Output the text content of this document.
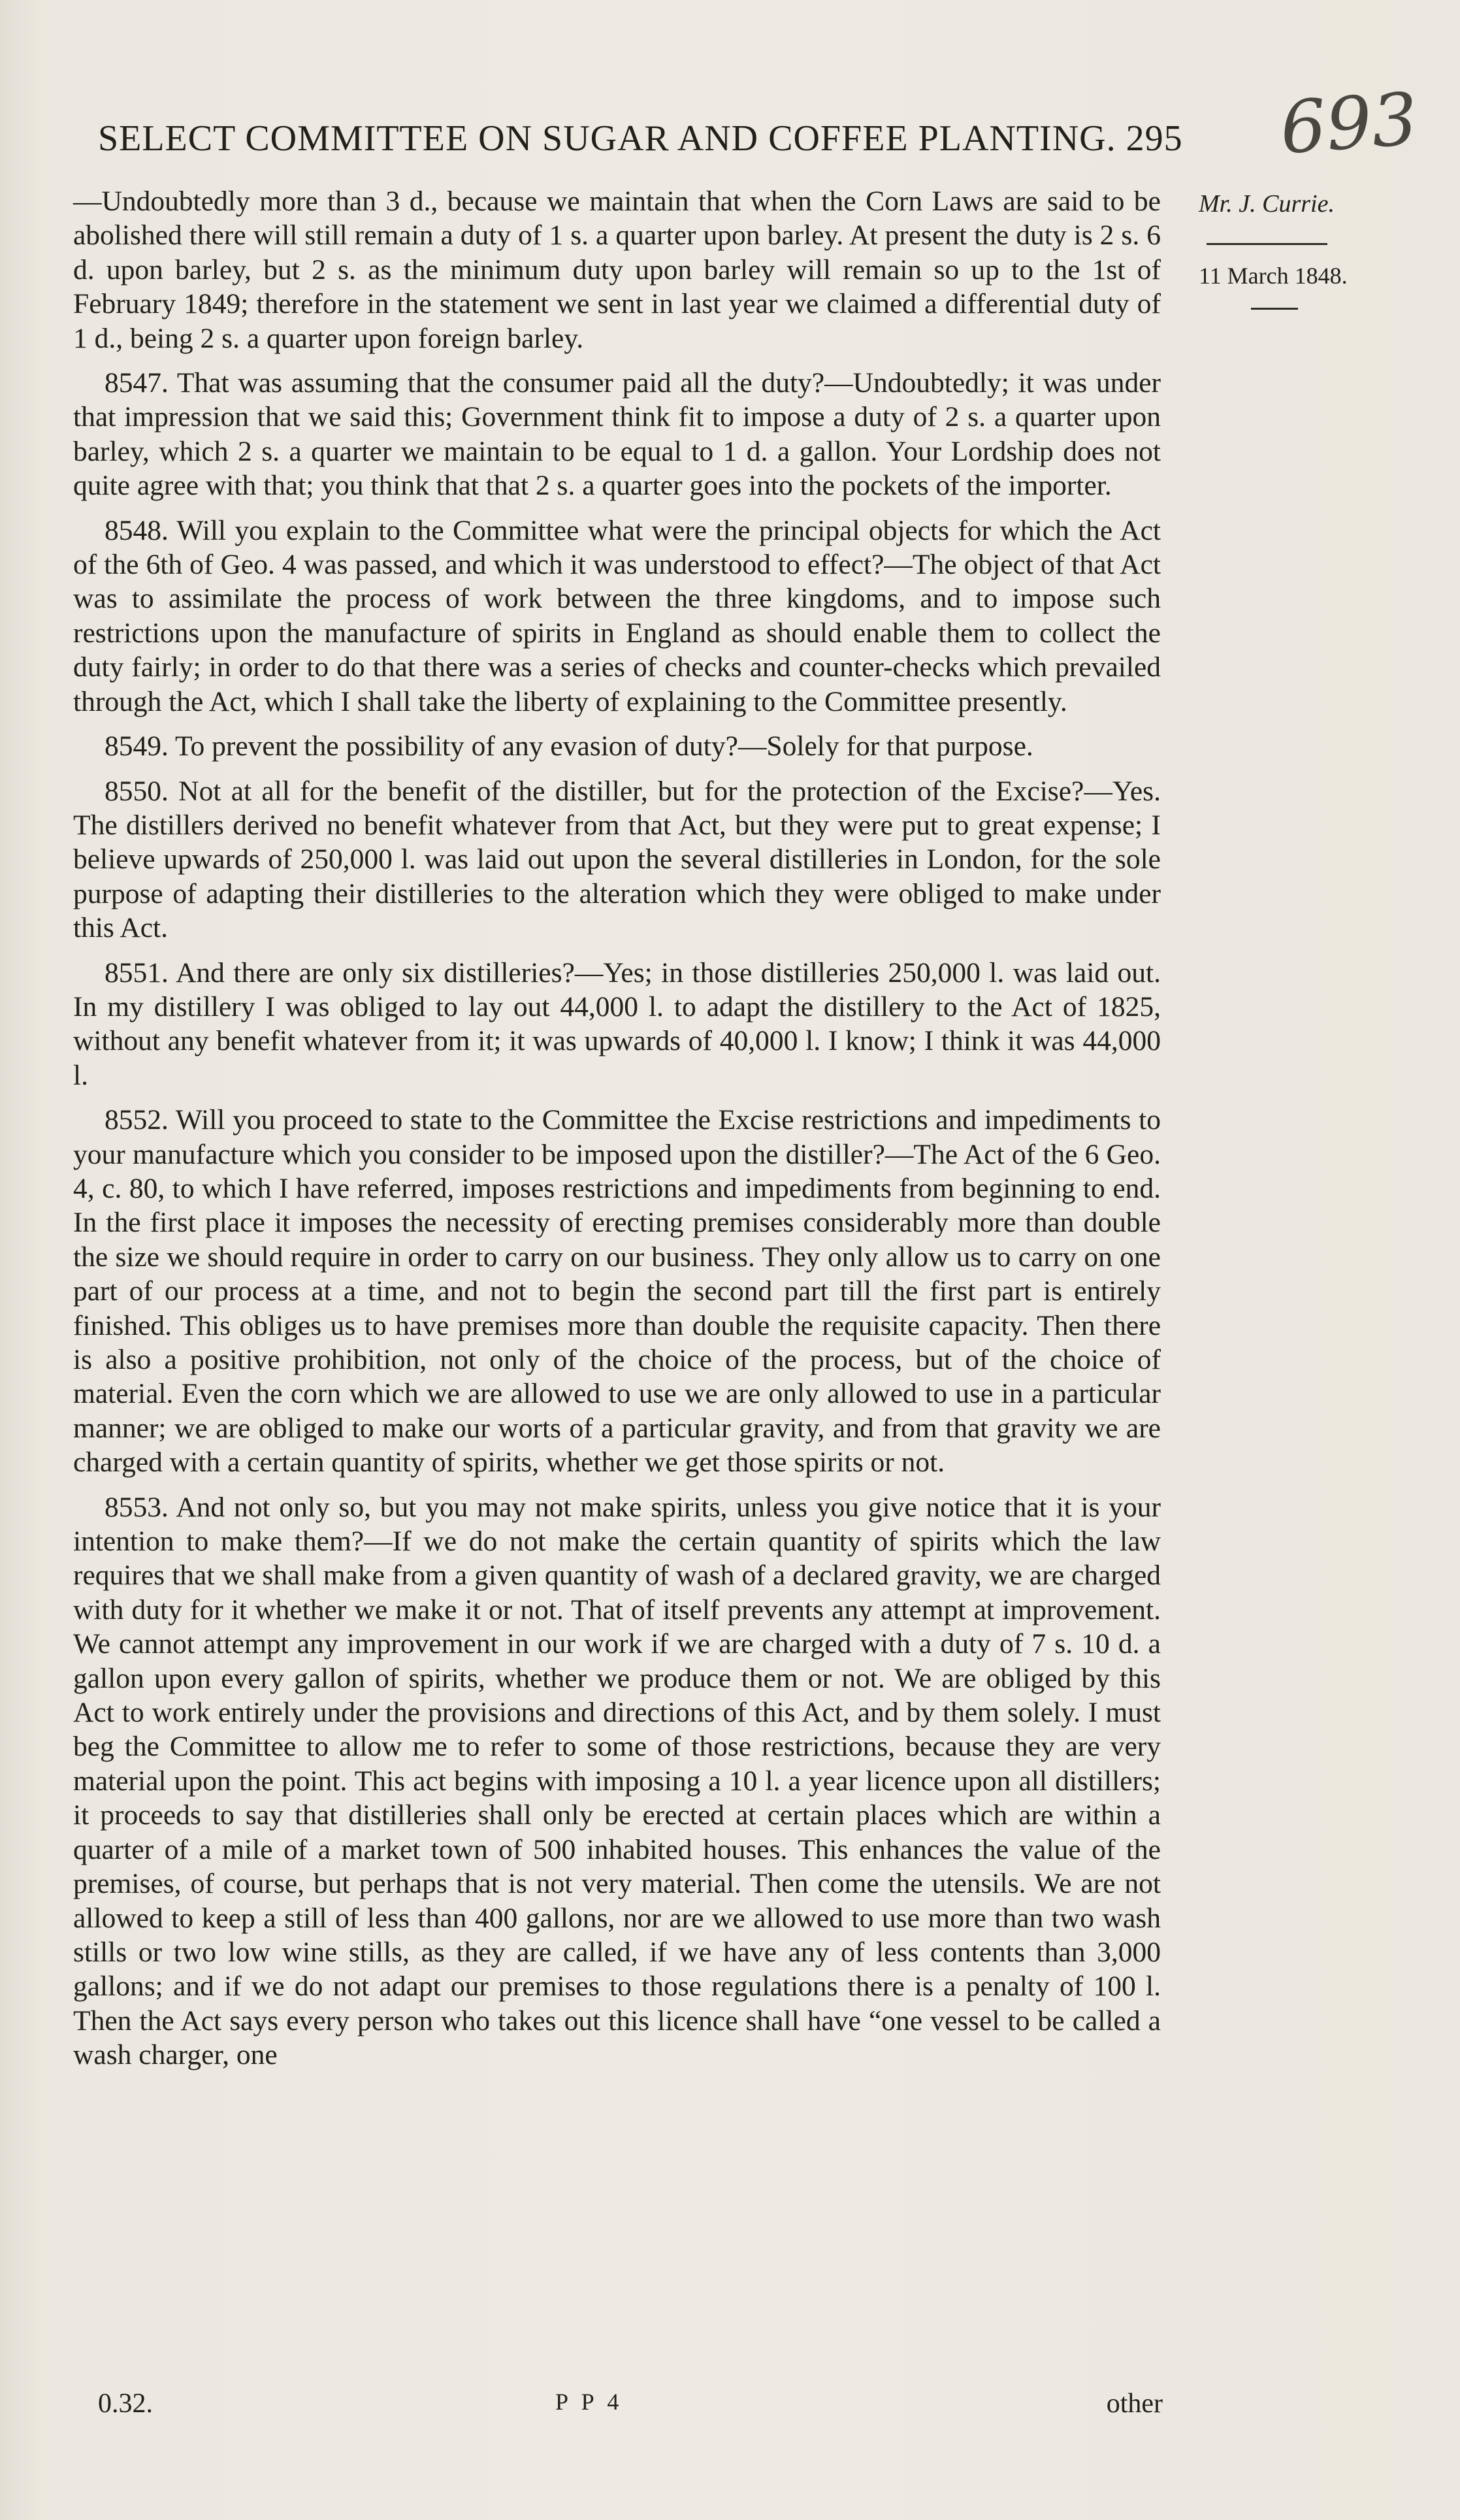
SELECT COMMITTEE ON SUGAR AND COFFEE PLANTING. 295 693
Mr. J. Currie.
11 March 1848.

—Undoubtedly more than 3 d., because we maintain that when the Corn Laws are said to be abolished there will still remain a duty of 1 s. a quarter upon barley. At present the duty is 2 s. 6 d. upon barley, but 2 s. as the minimum duty upon barley will remain so up to the 1st of February 1849; therefore in the statement we sent in last year we claimed a differential duty of 1 d., being 2 s. a quarter upon foreign barley.

8547. That was assuming that the consumer paid all the duty?—Undoubtedly; it was under that impression that we said this; Government think fit to impose a duty of 2 s. a quarter upon barley, which 2 s. a quarter we maintain to be equal to 1 d. a gallon. Your Lordship does not quite agree with that; you think that that 2 s. a quarter goes into the pockets of the importer.

8548. Will you explain to the Committee what were the principal objects for which the Act of the 6th of Geo. 4 was passed, and which it was understood to effect?—The object of that Act was to assimilate the process of work between the three kingdoms, and to impose such restrictions upon the manufacture of spirits in England as should enable them to collect the duty fairly; in order to do that there was a series of checks and counter-checks which prevailed through the Act, which I shall take the liberty of explaining to the Committee presently.

8549. To prevent the possibility of any evasion of duty?—Solely for that purpose.

8550. Not at all for the benefit of the distiller, but for the protection of the Excise?—Yes. The distillers derived no benefit whatever from that Act, but they were put to great expense; I believe upwards of 250,000 l. was laid out upon the several distilleries in London, for the sole purpose of adapting their distilleries to the alteration which they were obliged to make under this Act.

8551. And there are only six distilleries?—Yes; in those distilleries 250,000 l. was laid out. In my distillery I was obliged to lay out 44,000 l. to adapt the distillery to the Act of 1825, without any benefit whatever from it; it was upwards of 40,000 l. I know; I think it was 44,000 l.

8552. Will you proceed to state to the Committee the Excise restrictions and impediments to your manufacture which you consider to be imposed upon the distiller?—The Act of the 6 Geo. 4, c. 80, to which I have referred, imposes restrictions and impediments from beginning to end. In the first place it imposes the necessity of erecting premises considerably more than double the size we should require in order to carry on our business. They only allow us to carry on one part of our process at a time, and not to begin the second part till the first part is entirely finished. This obliges us to have premises more than double the requisite capacity. Then there is also a positive prohibition, not only of the choice of the process, but of the choice of material. Even the corn which we are allowed to use we are only allowed to use in a particular manner; we are obliged to make our worts of a particular gravity, and from that gravity we are charged with a certain quantity of spirits, whether we get those spirits or not.

8553. And not only so, but you may not make spirits, unless you give notice that it is your intention to make them?—If we do not make the certain quantity of spirits which the law requires that we shall make from a given quantity of wash of a declared gravity, we are charged with duty for it whether we make it or not. That of itself prevents any attempt at improvement. We cannot attempt any improvement in our work if we are charged with a duty of 7 s. 10 d. a gallon upon every gallon of spirits, whether we produce them or not. We are obliged by this Act to work entirely under the provisions and directions of this Act, and by them solely. I must beg the Committee to allow me to refer to some of those restrictions, because they are very material upon the point. This act begins with imposing a 10 l. a year licence upon all distillers; it proceeds to say that distilleries shall only be erected at certain places which are within a quarter of a mile of a market town of 500 inhabited houses. This enhances the value of the premises, of course, but perhaps that is not very material. Then come the utensils. We are not allowed to keep a still of less than 400 gallons, nor are we allowed to use more than two wash stills or two low wine stills, as they are called, if we have any of less contents than 3,000 gallons; and if we do not adapt our premises to those regulations there is a penalty of 100 l. Then the Act says every person who takes out this licence shall have “one vessel to be called a wash charger, one

0.32.	P P 4	other
